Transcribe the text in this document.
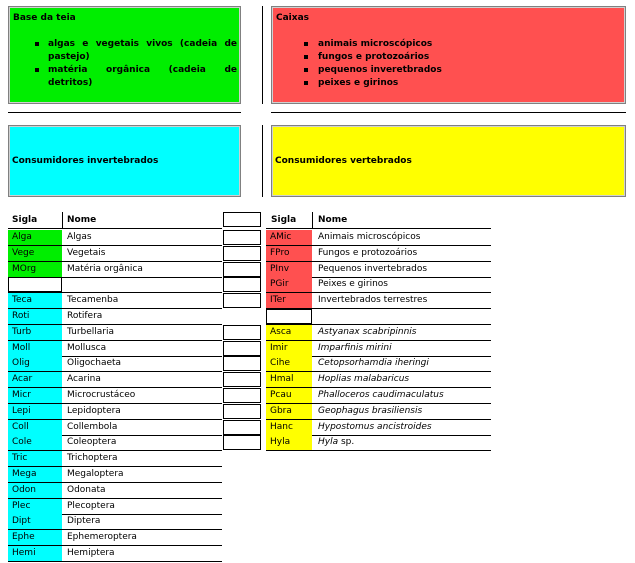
Base da teia
algas e vegetais vivos (cadeia de pastejo)
matéria orgânica (cadeia de detritos)
Caixas
animais microscópicos
fungos e protozoários
pequenos inveretbrados
peixes e girinos
Consumidores invertebrados	Consumidores vertebrados
Sigla	Nome	Sigla Nome
Alga	Algas
Vege	Vegetais
MOrg	Matéria orgânica
Teca	Tecamenba
Roti	Rotifera
Turb	Turbellaria
Moll	Mollusca
Olig	Oligochaeta
Acar	Acarina
Micr	Microcrustáceo
Lepi	Lepidoptera
Coll	Collembola
Cole	Coleoptera
Tric	Trichoptera
Mega	Megaloptera
Odon	Odonata
Plec	Plecoptera
Dipt	Diptera
Ephe	Ephemeroptera
Hemi	Hemiptera
AMic	Animais microscópicos
FPro	Fungos e protozoários
PInv	Pequenos invertebrados
PGir	Peixes e girinos
ITer	Invertebrados terrestres
Asca	Astyanax scabripinnis
Imir	Imparfinis mirini
Cihe	Cetopsorhamdia iheringi
Hmal	Hoplias malabaricus
Pcau	Phalloceros caudimaculatus
Gbra	Geophagus brasiliensis
Hanc	Hypostomus ancistroides
Hyla	Hyla sp.
